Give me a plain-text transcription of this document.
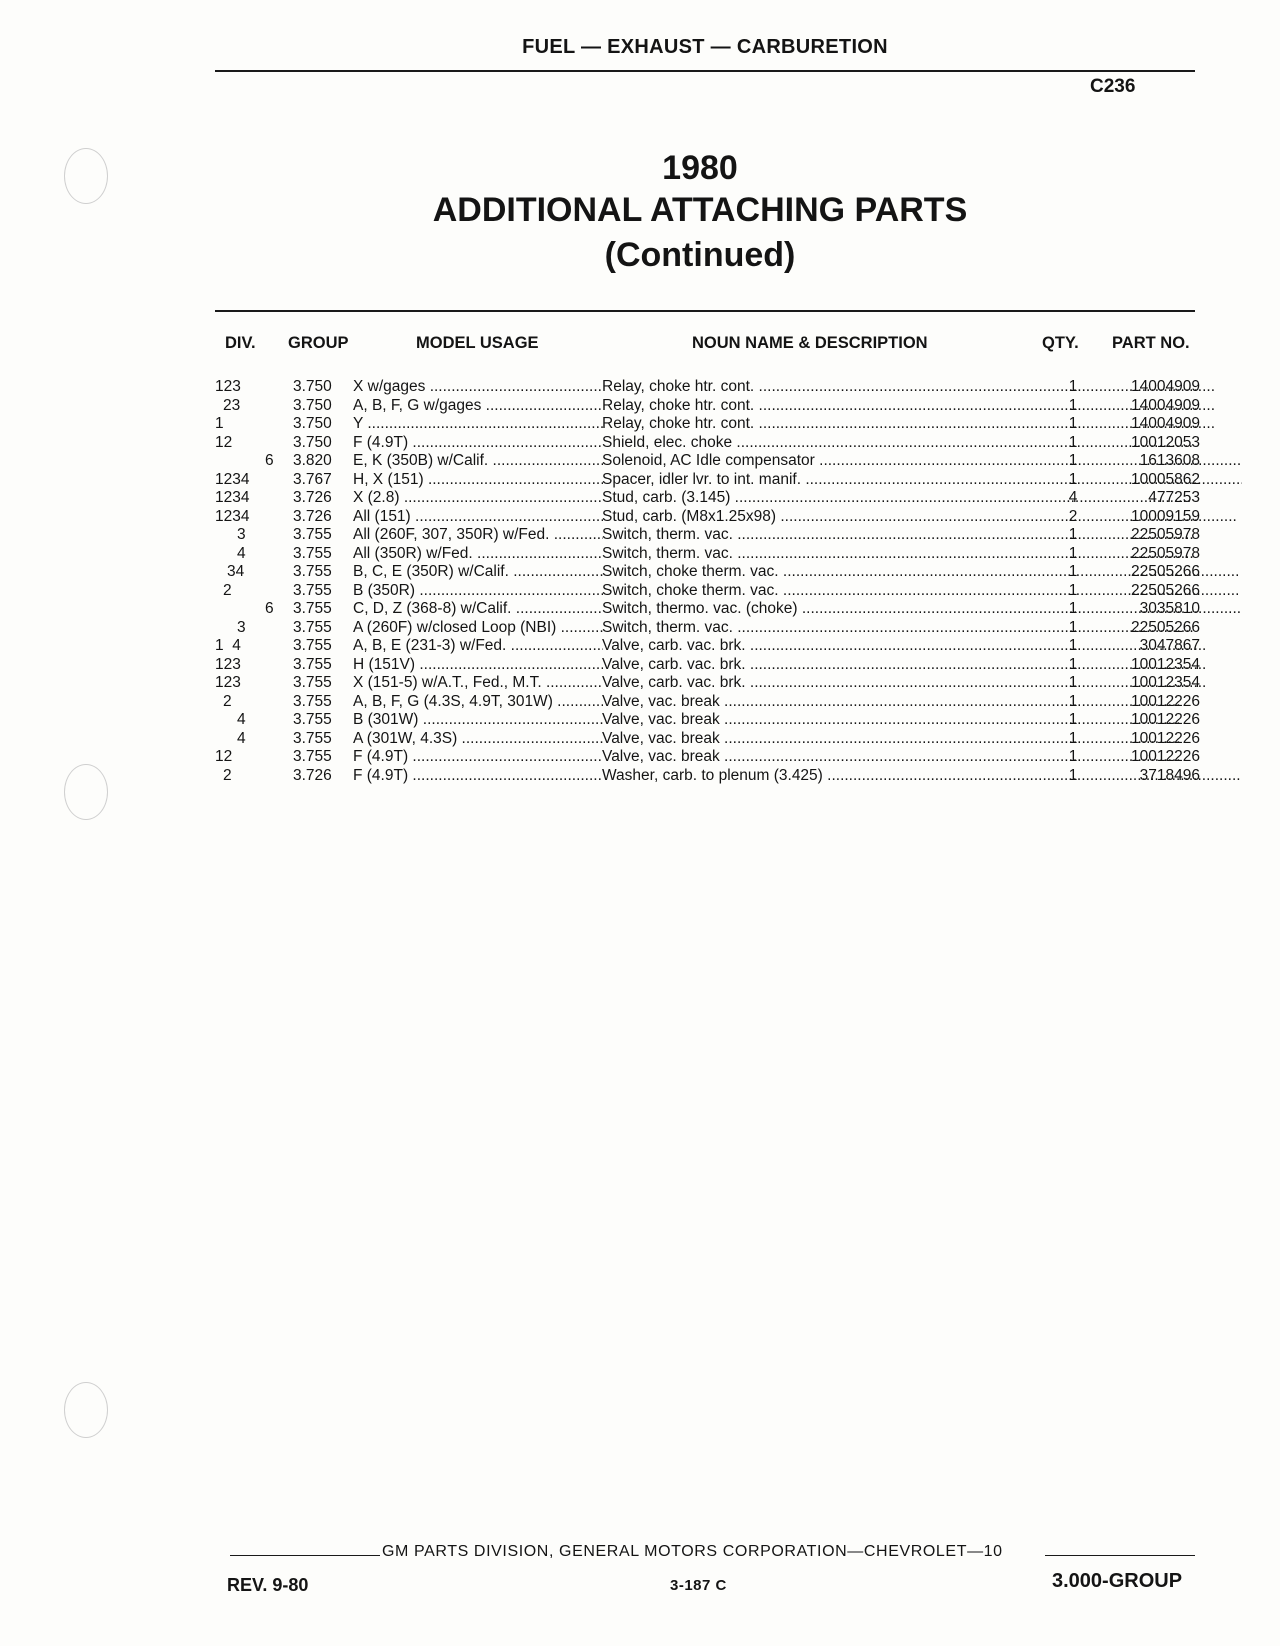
FUEL — EXHAUST — CARBURETION
C236
1980
ADDITIONAL ATTACHING PARTS
(Continued)
DIV. GROUP	MODEL USAGE	NOUN NAME & DESCRIPTION	QTY. PART NO.
123	3.750	X w/gages .....	Relay, choke htr. cont. .....	1	14004909
23	3.750	A, B, F, G w/gages .....	Relay, choke htr. cont. .....	1	14004909
1	3.750	Y .....	Relay, choke htr. cont. .....	1	14004909
12	3.750	F (4.9T) .....	Shield, elec. choke .....	1	10012053
6	3.820	E, K (350B) w/Calif. .....	Solenoid, AC Idle compensator .....	1	1613608
1234	3.767	H, X (151) .....	Spacer, idler lvr. to int. manif. .....	1	10005862
1234	3.726	X (2.8) .....	Stud, carb. (3.145) .....	4	477253
1234	3.726	All (151) .....	Stud, carb. (M8x1.25x98) .....	2	10009159
3	3.755	All (260F, 307, 350R) w/Fed. .....	Switch, therm. vac. .....	1	22505978
4	3.755	All (350R) w/Fed. .....	Switch, therm. vac. .....	1	22505978
34	3.755	B, C, E (350R) w/Calif. .....	Switch, choke therm. vac. .....	1	22505266
2	3.755	B (350R) .....	Switch, choke therm. vac. .....	1	22505266
6	3.755	C, D, Z (368-8) w/Calif. .....	Switch, thermo. vac. (choke) .....	1	3035810
3	3.755	A (260F) w/closed Loop (NBI) .....	Switch, therm. vac. .....	1	22505266
1  4	3.755	A, B, E (231-3) w/Fed. .....	Valve, carb. vac. brk. .....	1	3047867
123	3.755	H (151V) .....	Valve, carb. vac. brk. .....	1	10012354
123	3.755	X (151-5) w/A.T., Fed., M.T. .....	Valve, carb. vac. brk. .....	1	10012354
2	3.755	A, B, F, G (4.3S, 4.9T, 301W) .....	Valve, vac. break .....	1	10012226
4	3.755	B (301W) .....	Valve, vac. break .....	1	10012226
4	3.755	A (301W, 4.3S) .....	Valve, vac. break .....	1	10012226
12	3.755	F (4.9T) .....	Valve, vac. break .....	1	10012226
2	3.726	F (4.9T) .....	Washer, carb. to plenum (3.425) .....	1	3718496
GM PARTS DIVISION, GENERAL MOTORS CORPORATION—CHEVROLET—10
REV. 9-80	3-187 C	3.000-GROUP
